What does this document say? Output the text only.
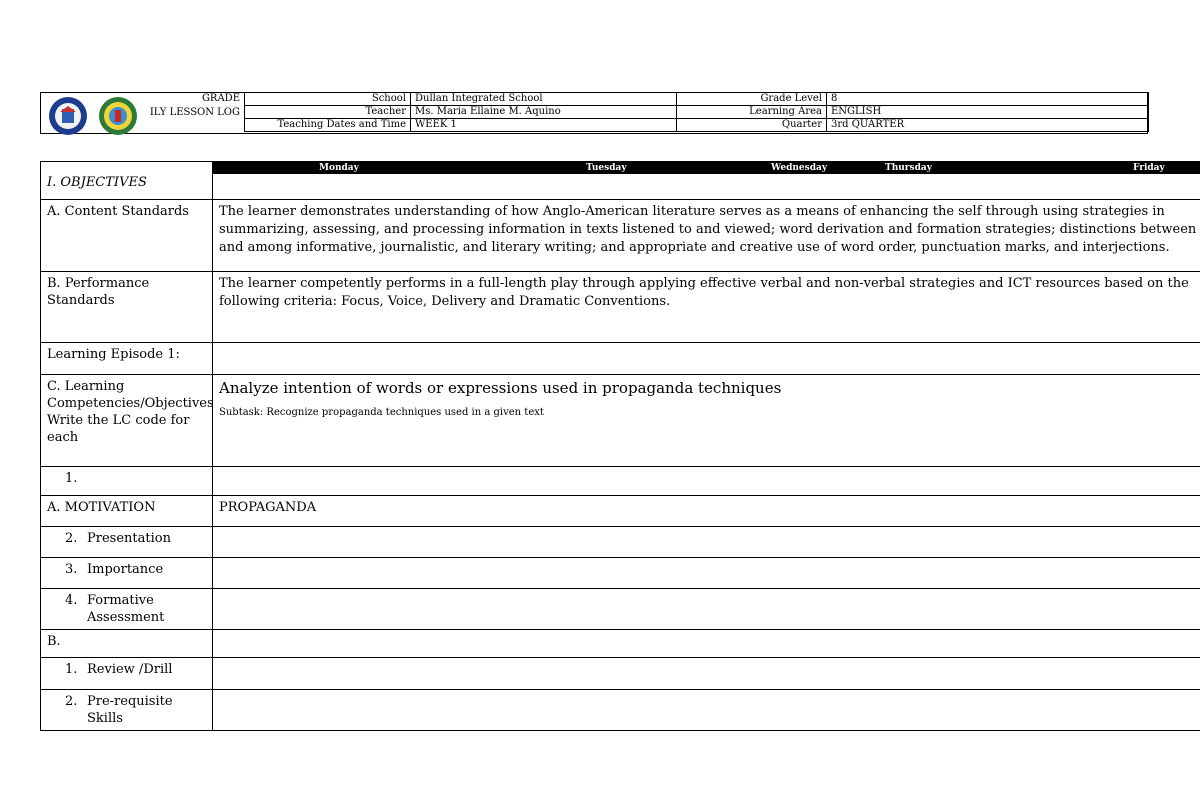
GRADE
ILY LESSON LOG
School	Dullan Integrated School	Grade Level	8
Teacher	Ms. Maria Ellaine M. Aquino	Learning Area	ENGLISH
Teaching Dates and Time	WEEK 1	Quarter	3rd QUARTER
I. OBJECTIVES	Monday Tuesday Wednesday Thursday Friday

A. Content Standards	The learner demonstrates understanding of how Anglo-American literature serves as a means of enhancing the self through using strategies in summarizing, assessing, and processing information in texts listened to and viewed; word derivation and formation strategies; distinctions between and among informative, journalistic, and literary writing; and appropriate and creative use of word order, punctuation marks, and interjections.
B. Performance Standards	The learner competently performs in a full-length play through applying effective verbal and non-verbal strategies and ICT resources based on the following criteria: Focus, Voice, Delivery and Dramatic Conventions.
Learning Episode 1:	
C. Learning Competencies/Objectives Write the LC code for each	Analyze intention of words or expressions used in propaganda techniques
Subtask: Recognize propaganda techniques used in a given text

1.	
A. MOTIVATION	PROPAGANDA
2. Presentation	
3. Importance	
4. Formative Assessment	
B.	
1. Review /Drill	
2. Pre-requisite Skills	
